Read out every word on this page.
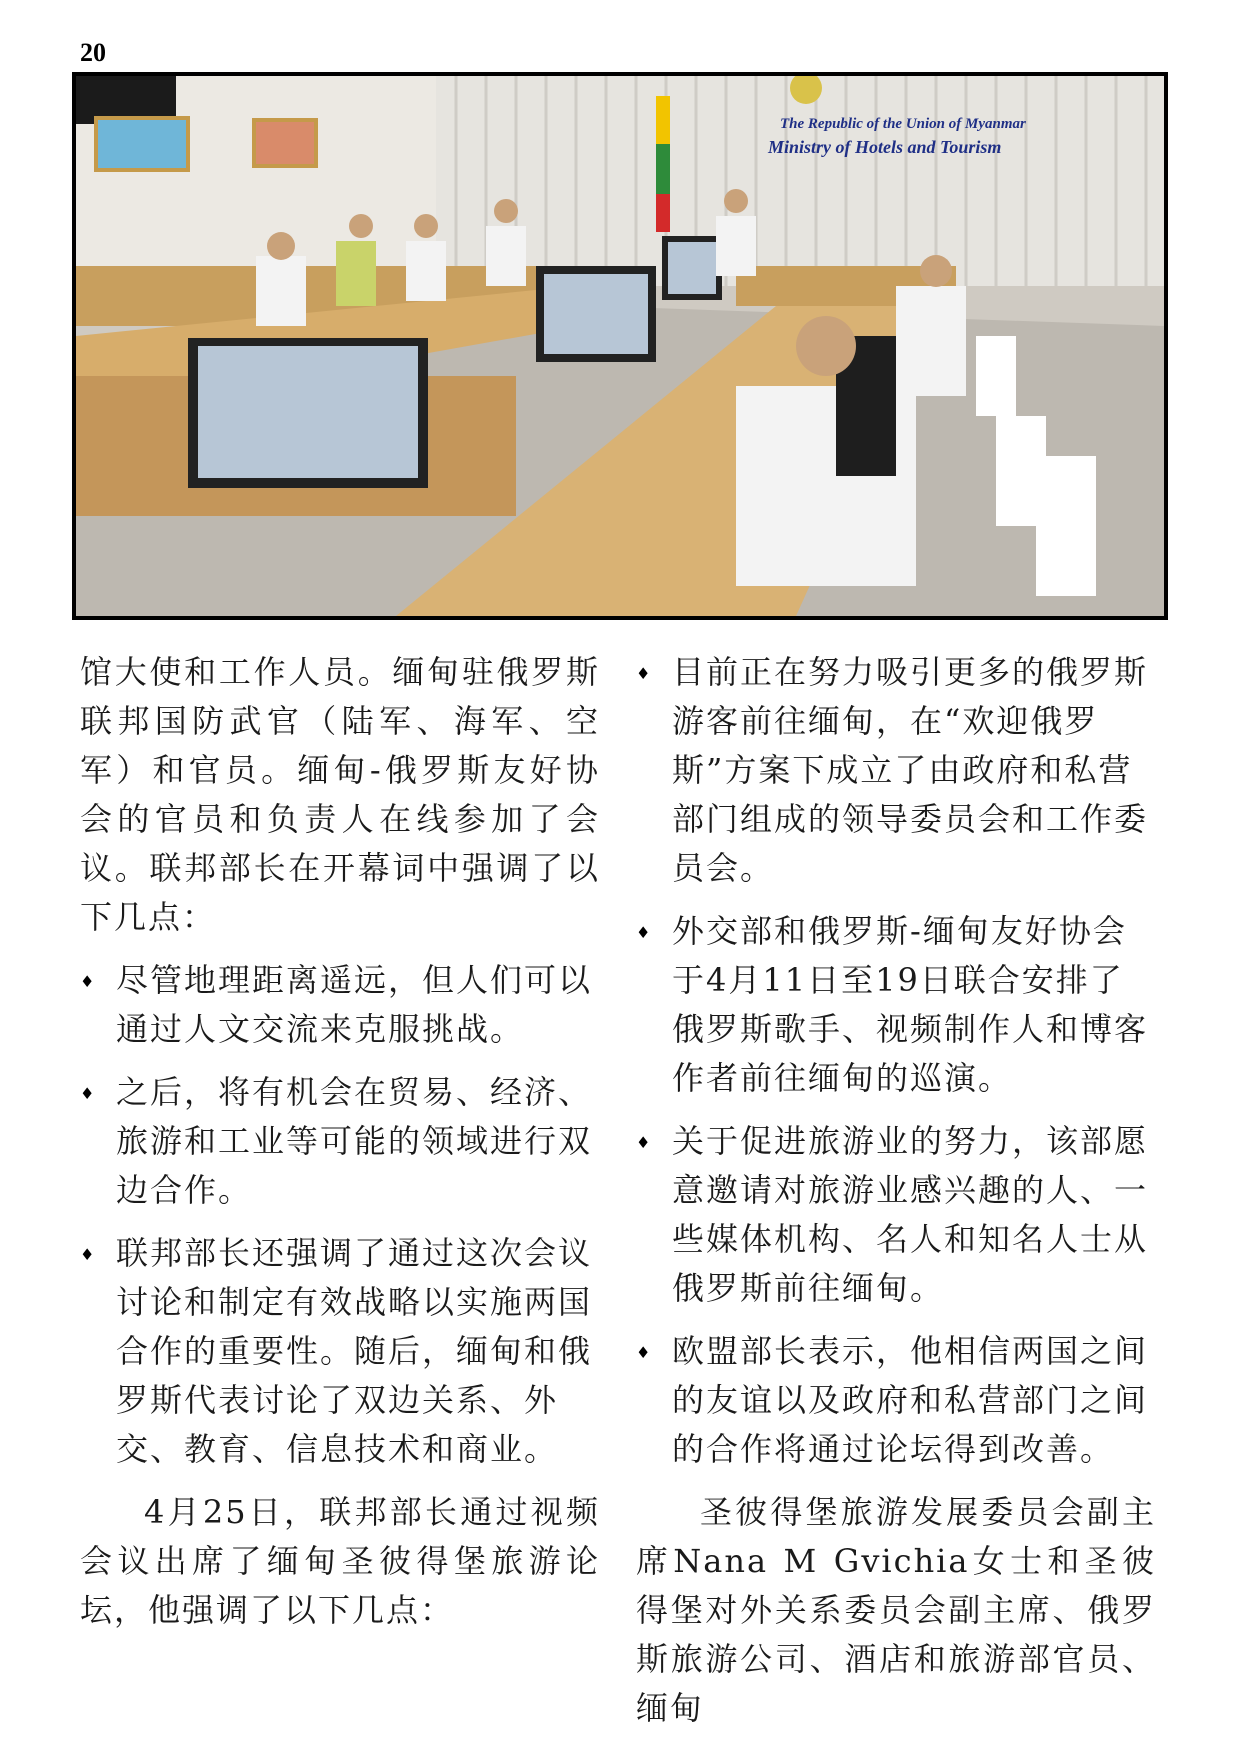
20
The Republic of the Union of Myanmar
Ministry of Hotels and Tourism

馆大使和工作人员。缅甸驻俄罗斯联邦国防武官（陆军、海军、空军）和官员。缅甸-俄罗斯友好协会的官员和负责人在线参加了会议。联邦部长在开幕词中强调了以下几点：

♦ 尽管地理距离遥远，但人们可以通过人文交流来克服挑战。
♦ 之后，将有机会在贸易、经济、旅游和工业等可能的领域进行双边合作。
♦ 联邦部长还强调了通过这次会议讨论和制定有效战略以实施两国合作的重要性。随后，缅甸和俄罗斯代表讨论了双边关系、外交、教育、信息技术和商业。

4月25日，联邦部长通过视频会议出席了缅甸圣彼得堡旅游论坛，他强调了以下几点：

♦ 目前正在努力吸引更多的俄罗斯游客前往缅甸，在“欢迎俄罗斯”方案下成立了由政府和私营部门组成的领导委员会和工作委员会。
♦ 外交部和俄罗斯-缅甸友好协会于4月11日至19日联合安排了俄罗斯歌手、视频制作人和博客作者前往缅甸的巡演。
♦ 关于促进旅游业的努力，该部愿意邀请对旅游业感兴趣的人、一些媒体机构、名人和知名人士从俄罗斯前往缅甸。
♦ 欧盟部长表示，他相信两国之间的友谊以及政府和私营部门之间的合作将通过论坛得到改善。

圣彼得堡旅游发展委员会副主席Nana M Gvichia女士和圣彼得堡对外关系委员会副主席、俄罗斯旅游公司、酒店和旅游部官员、缅甸
